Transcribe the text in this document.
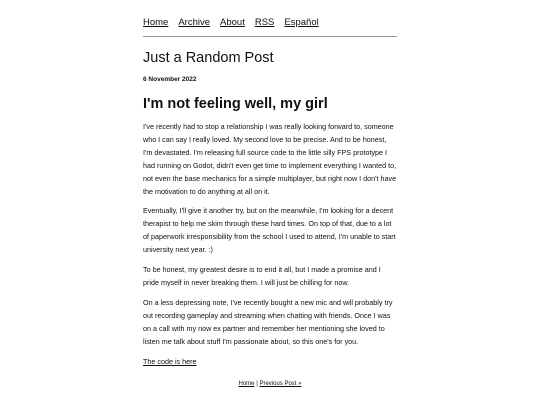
Home Archive About RSS Español
Just a Random Post
6 November 2022
I'm not feeling well, my girl

I've recently had to stop a relationship I was really looking forward to, someone who I can say I really loved. My second love to be precise. And to be honest, I'm devastated. I'm releasing full source code to the little silly FPS prototype I had running on Godot, didn't even get time to implement everything I wanted to, not even the base mechanics for a simple multiplayer, but right now I don't have the motivation to do anything at all on it.

Eventually, I'll give it another try, but on the meanwhile, I'm looking for a decent therapist to help me skim through these hard times. On top of that, due to a lot of paperwork irresponsibility from the school I used to attend, I'm unable to start university next year. :)

To be honest, my greatest desire is to end it all, but I made a promise and I pride myself in never breaking them. I will just be chilling for now.

On a less depressing note, I've recently bought a new mic and will probably try out recording gameplay and streaming when chatting with friends. Once I was on a call with my now ex partner and remember her mentioning she loved to listen me talk about stuff I'm passionate about, so this one's for you.

The code is here
Home | Previous Post »
